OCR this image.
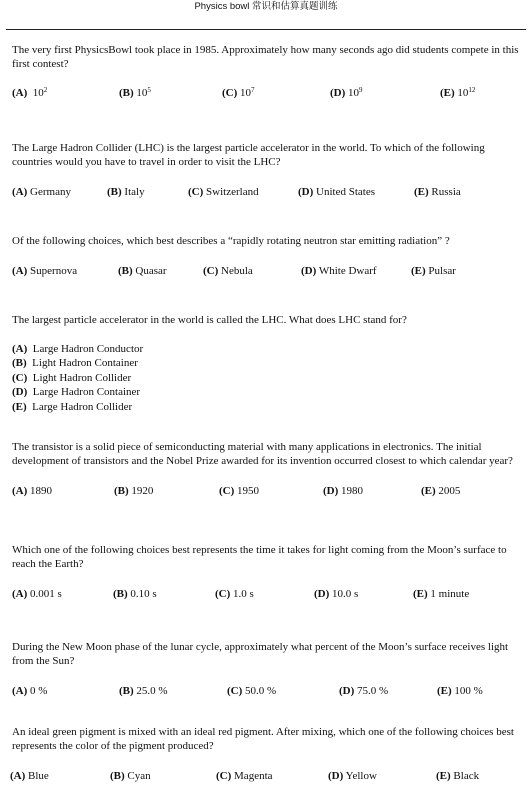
Physics bowl 常识和估算真题训练

The very first PhysicsBowl took place in 1985. Approximately how many seconds ago did students compete in this first contest?

(A) $10^2$	(B) $10^5$	(C) $10^7$	(D) $10^9$	(E) $10^{12}$

The Large Hadron Collider (LHC) is the largest particle accelerator in the world. To which of the following countries would you have to travel in order to visit the LHC?

(A) Germany	(B) Italy	(C) Switzerland	(D) United States	(E) Russia

Of the following choices, which best describes a “rapidly rotating neutron star emitting radiation” ?

(A) Supernova	(B) Quasar	(C) Nebula	(D) White Dwarf	(E) Pulsar

The largest particle accelerator in the world is called the LHC. What does LHC stand for?

(A) Large Hadron Conductor
(B) Light Hadron Container
(C) Light Hadron Collider
(D) Large Hadron Container
(E) Large Hadron Collider

The transistor is a solid piece of semiconducting material with many applications in electronics. The initial development of transistors and the Nobel Prize awarded for its invention occurred closest to which calendar year?

(A) 1890	(B) 1920	(C) 1950	(D) 1980	(E) 2005

Which one of the following choices best represents the time it takes for light coming from the Moon’s surface to reach the Earth?

(A) 0.001 s	(B) 0.10 s	(C) 1.0 s	(D) 10.0 s	(E) 1 minute

During the New Moon phase of the lunar cycle, approximately what percent of the Moon’s surface receives light from the Sun?

(A) 0 %	(B) 25.0 %	(C) 50.0 %	(D) 75.0 %	(E) 100 %

An ideal green pigment is mixed with an ideal red pigment. After mixing, which one of the following choices best represents the color of the pigment produced?

(A) Blue	(B) Cyan	(C) Magenta	(D) Yellow	(E) Black
